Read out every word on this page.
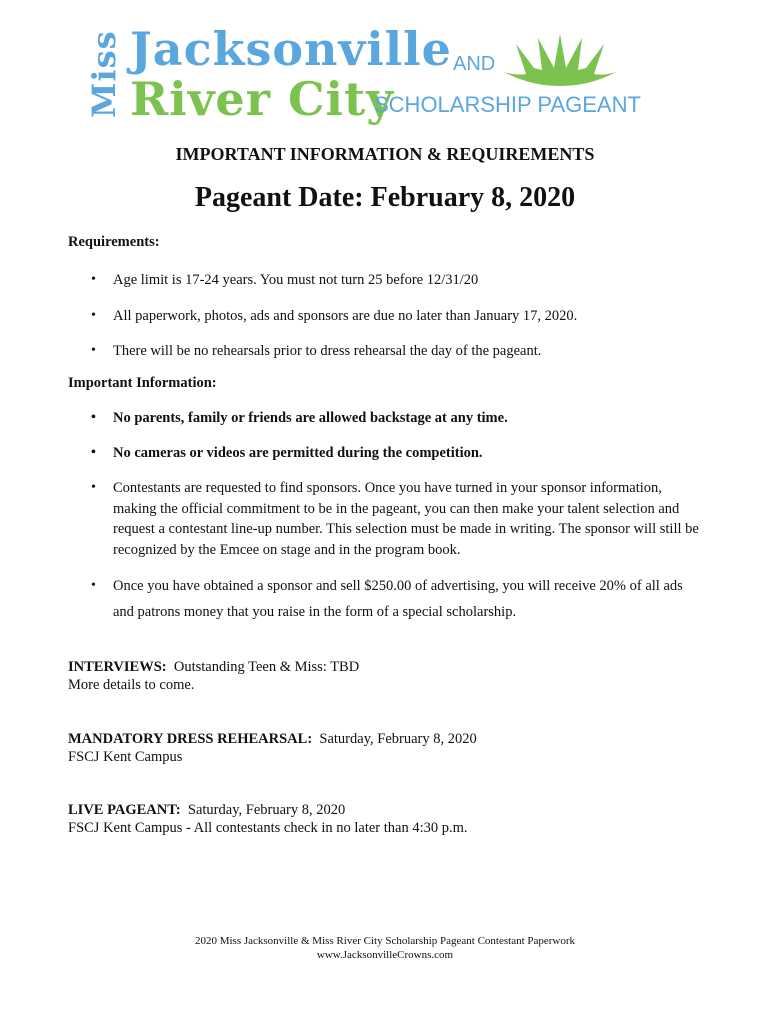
Miss Jacksonville AND
River City
SCHOLARSHIP PAGEANT
IMPORTANT INFORMATION & REQUIREMENTS
Pageant Date: February 8, 2020
Requirements:
• Age limit is 17-24 years. You must not turn 25 before 12/31/20
• All paperwork, photos, ads and sponsors are due no later than January 17, 2020.
• There will be no rehearsals prior to dress rehearsal the day of the pageant.
Important Information:
• No parents, family or friends are allowed backstage at any time.
• No cameras or videos are permitted during the competition.
• Contestants are requested to find sponsors. Once you have turned in your sponsor information, making the official commitment to be in the pageant, you can then make your talent selection and request a contestant line-up number. This selection must be made in writing. The sponsor will still be recognized by the Emcee on stage and in the program book.
• Once you have obtained a sponsor and sell $250.00 of advertising, you will receive 20% of all ads and patrons money that you raise in the form of a special scholarship.
INTERVIEWS: Outstanding Teen & Miss: TBD
More details to come.
MANDATORY DRESS REHEARSAL: Saturday, February 8, 2020
FSCJ Kent Campus
LIVE PAGEANT: Saturday, February 8, 2020
FSCJ Kent Campus - All contestants check in no later than 4:30 p.m.
2020 Miss Jacksonville & Miss River City Scholarship Pageant Contestant Paperwork
www.JacksonvilleCrowns.com
